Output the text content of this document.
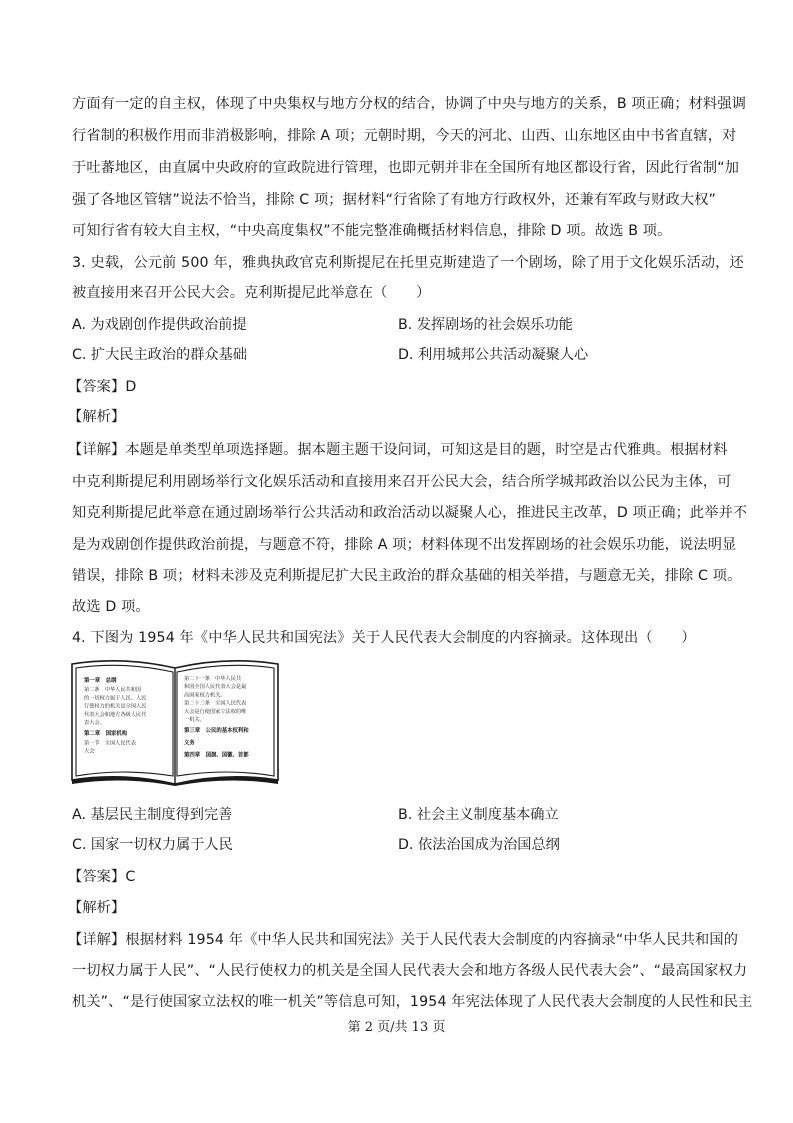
方面有一定的自主权，体现了中央集权与地方分权的结合，协调了中央与地方的关系，B 项正确；材料强调
行省制的积极作用而非消极影响，排除 A 项；元朝时期，今天的河北、山西、山东地区由中书省直辖，对
于吐蕃地区，由直属中央政府的宣政院进行管理，也即元朝并非在全国所有地区都设行省，因此行省制“加
强了各地区管辖”说法不恰当，排除 C 项；据材料“行省除了有地方行政权外，还兼有军政与财政大权”
可知行省有较大自主权，“中央高度集权”不能完整准确概括材料信息，排除 D 项。故选 B 项。
3. 史载，公元前 500 年，雅典执政官克利斯提尼在托里克斯建造了一个剧场，除了用于文化娱乐活动，还
被直接用来召开公民大会。克利斯提尼此举意在（　　）
A. 为戏剧创作提供政治前提	B. 发挥剧场的社会娱乐功能
C. 扩大民主政治的群众基础	D. 利用城邦公共活动凝聚人心
【答案】D
【解析】
【详解】本题是单类型单项选择题。据本题主题干设问词，可知这是目的题，时空是古代雅典。根据材料
中克利斯提尼利用剧场举行文化娱乐活动和直接用来召开公民大会，结合所学城邦政治以公民为主体，可
知克利斯提尼此举意在通过剧场举行公共活动和政治活动以凝聚人心，推进民主改革，D 项正确；此举并不
是为戏剧创作提供政治前提，与题意不符，排除 A 项；材料体现不出发挥剧场的社会娱乐功能，说法明显
错误，排除 B 项；材料未涉及克利斯提尼扩大民主政治的群众基础的相关举措，与题意无关，排除 C 项。
故选 D 项。
4. 下图为 1954 年《中华人民共和国宪法》关于人民代表大会制度的内容摘录。这体现出（　　）
第一章　总纲
第二条　中华人民共和国
的一切权力属于人民。人民
行使权力的机关是全国人民
代表大会和地方各级人民代
表大会。
第二章　国家机构
第一节　全国人民代表
大会
第二十一条　中华人民共
和国全国人民代表大会是最
高国家权力机关。
第二十二条　全国人民代表
大会是行使国家立法权的唯
一机关。
第三章　公民的基本权利和
义务
第四章　国旗、国徽、首都
A. 基层民主制度得到完善	B. 社会主义制度基本确立
C. 国家一切权力属于人民	D. 依法治国成为治国总纲
【答案】C
【解析】
【详解】根据材料 1954 年《中华人民共和国宪法》关于人民代表大会制度的内容摘录“中华人民共和国的
一切权力属于人民”、“人民行使权力的机关是全国人民代表大会和地方各级人民代表大会”、“最高国家权力
机关”、“是行使国家立法权的唯一机关”等信息可知，1954 年宪法体现了人民代表大会制度的人民性和民主
第 2 页/共 13 页
